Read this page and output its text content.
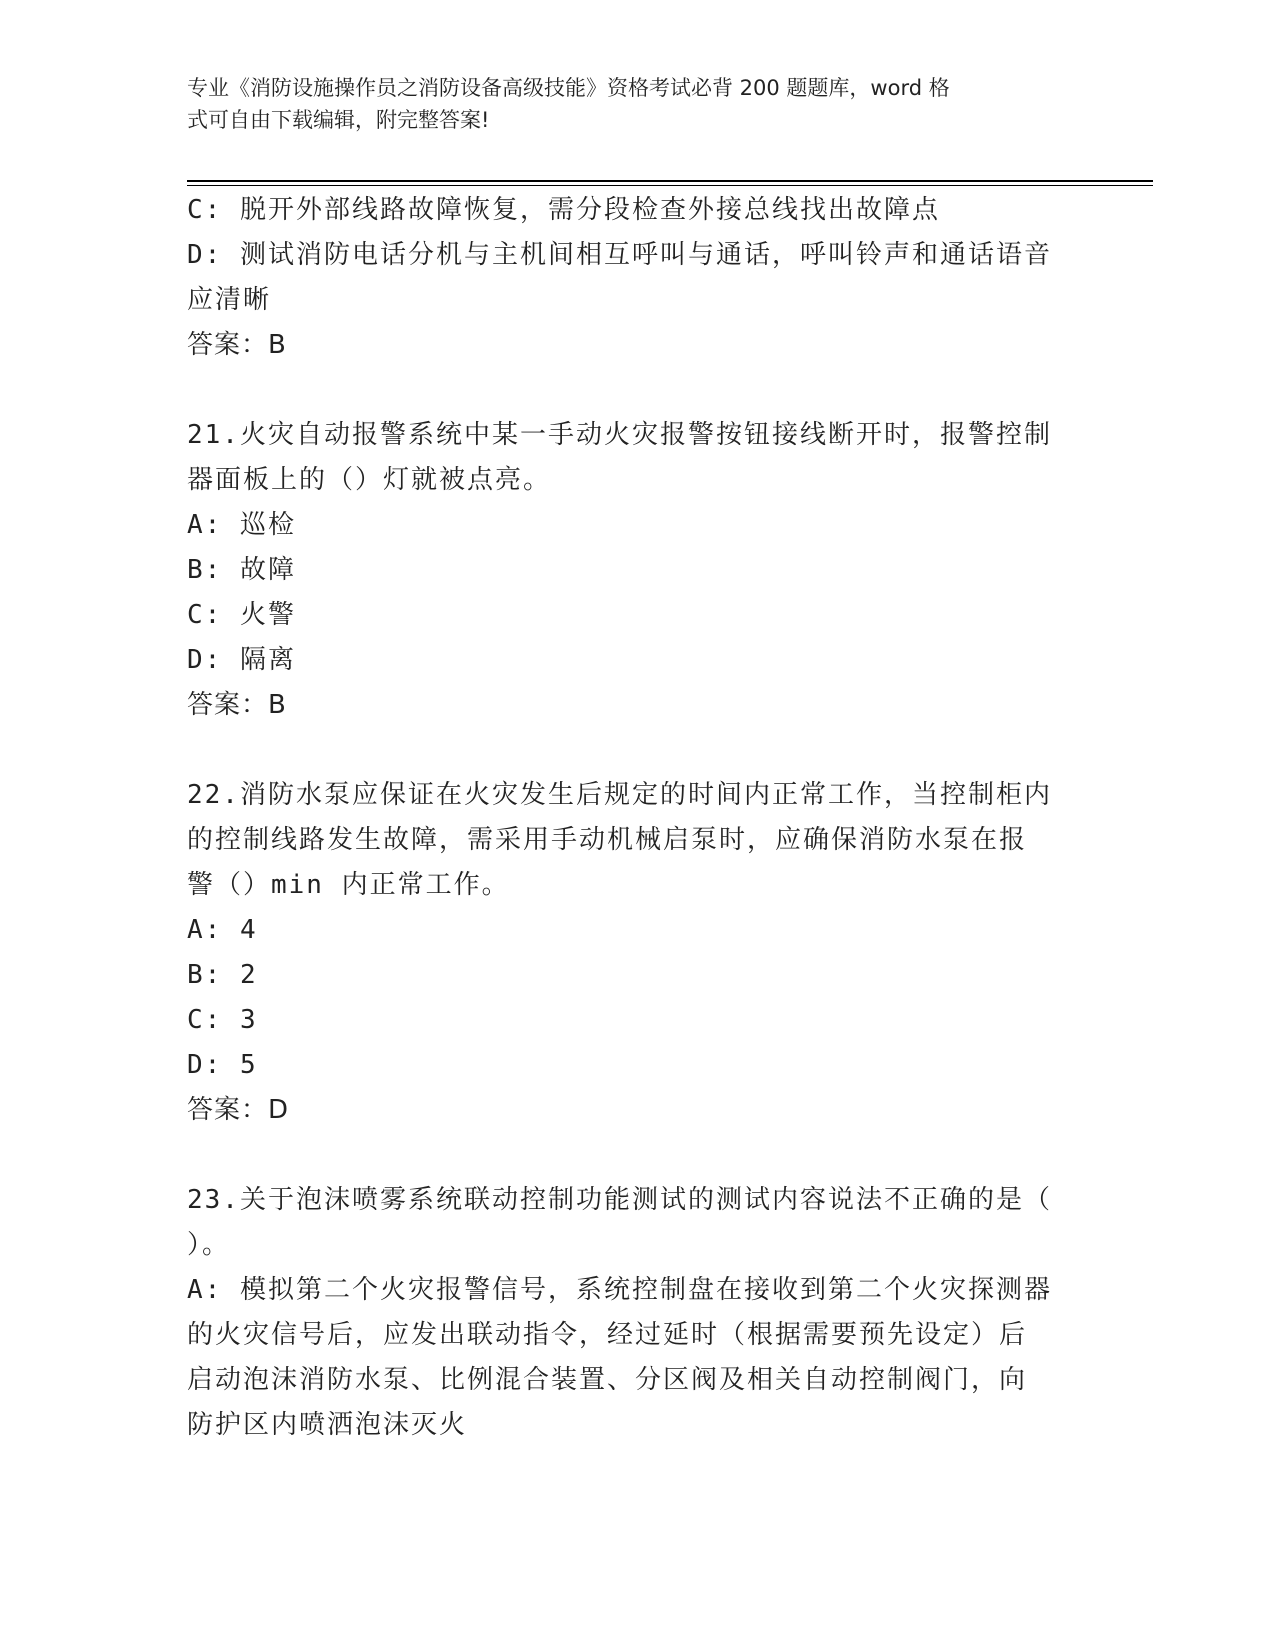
专业《消防设施操作员之消防设备高级技能》资格考试必背 200 题题库，word 格
式可自由下载编辑，附完整答案!
C: 脱开外部线路故障恢复，需分段检查外接总线找出故障点
D: 测试消防电话分机与主机间相互呼叫与通话，呼叫铃声和通话语音
应清晰
答案：B
21.火灾自动报警系统中某一手动火灾报警按钮接线断开时，报警控制
器面板上的（）灯就被点亮。
A: 巡检
B: 故障
C: 火警
D: 隔离
答案：B
22.消防水泵应保证在火灾发生后规定的时间内正常工作，当控制柜内
的控制线路发生故障，需采用手动机械启泵时，应确保消防水泵在报
警（）min 内正常工作。
A: 4
B: 2
C: 3
D: 5
答案：D
23.关于泡沫喷雾系统联动控制功能测试的测试内容说法不正确的是（
）。
A: 模拟第二个火灾报警信号，系统控制盘在接收到第二个火灾探测器
的火灾信号后，应发出联动指令，经过延时（根据需要预先设定）后
启动泡沫消防水泵、比例混合装置、分区阀及相关自动控制阀门，向
防护区内喷洒泡沫灭火
